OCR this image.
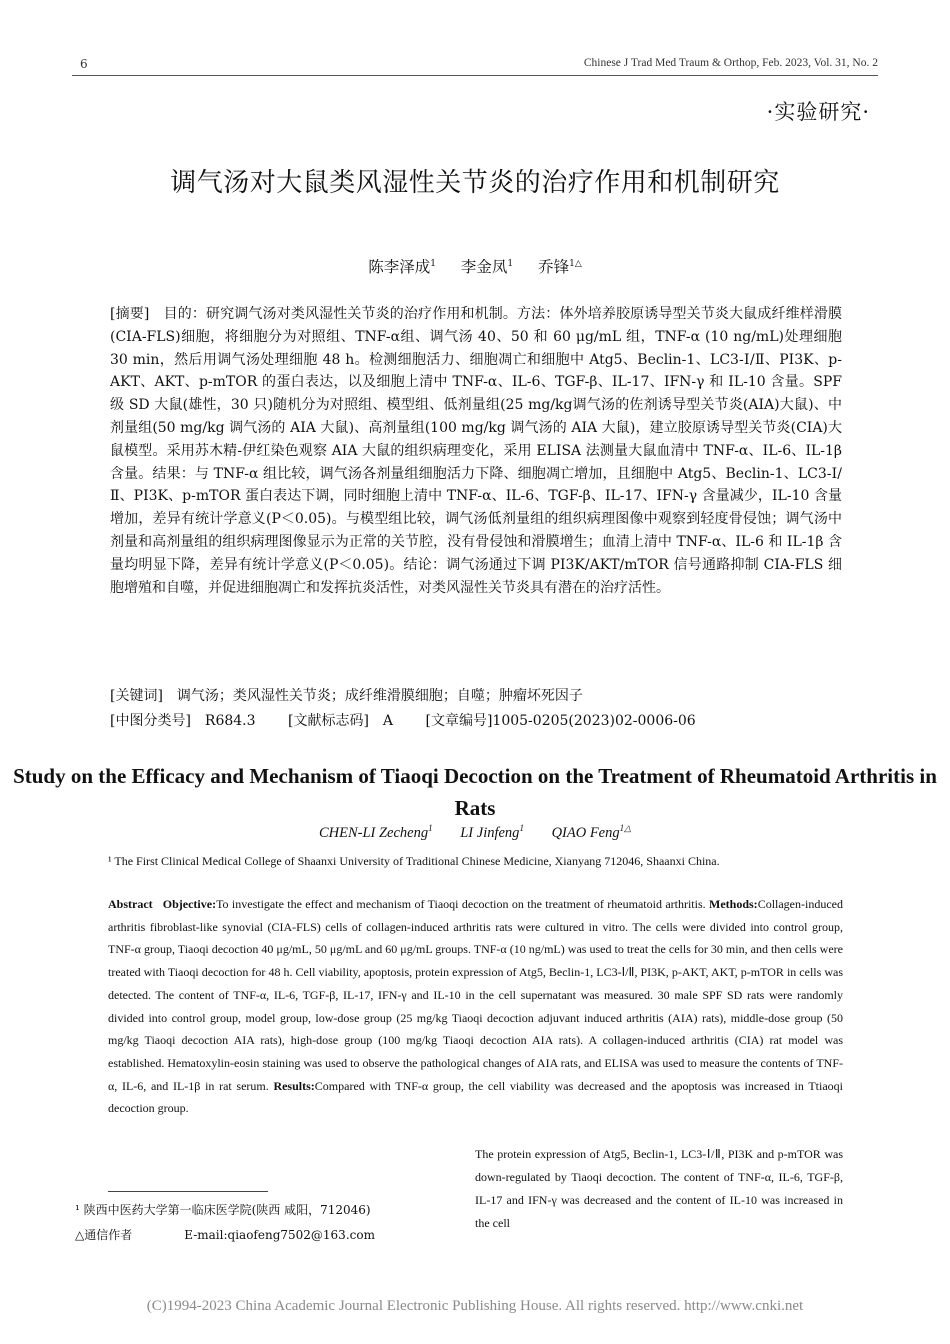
6	Chinese J Trad Med Traum & Orthop, Feb. 2023, Vol. 31, No. 2
·实验研究·
调气汤对大鼠类风湿性关节炎的治疗作用和机制研究
陈李泽成$^1$ 李金凤$^1$ 乔锋$^{1\triangle}$

[摘要]　目的：研究调气汤对类风湿性关节炎的治疗作用和机制。方法：体外培养胶原诱导型关节炎大鼠成纤维样滑膜(CIA-FLS)细胞，将细胞分为对照组、TNF-α组、调气汤 40、50 和 60 μg/mL 组，TNF-α (10 ng/mL)处理细胞 30 min，然后用调气汤处理细胞 48 h。检测细胞活力、细胞凋亡和细胞中 Atg5、Beclin-1、LC3-Ⅰ/Ⅱ、PI3K、p-AKT、AKT、p-mTOR 的蛋白表达，以及细胞上清中 TNF-α、IL-6、TGF-β、IL-17、IFN-γ 和 IL-10 含量。SPF 级 SD 大鼠(雄性，30 只)随机分为对照组、模型组、低剂量组(25 mg/kg调气汤的佐剂诱导型关节炎(AIA)大鼠)、中剂量组(50 mg/kg 调气汤的 AIA 大鼠)、高剂量组(100 mg/kg 调气汤的 AIA 大鼠)，建立胶原诱导型关节炎(CIA)大鼠模型。采用苏木精-伊红染色观察 AIA 大鼠的组织病理变化，采用 ELISA 法测量大鼠血清中 TNF-α、IL-6、IL-1β 含量。结果：与 TNF-α 组比较，调气汤各剂量组细胞活力下降、细胞凋亡增加，且细胞中 Atg5、Beclin-1、LC3-Ⅰ/Ⅱ、PI3K、p-mTOR 蛋白表达下调，同时细胞上清中 TNF-α、IL-6、TGF-β、IL-17、IFN-γ 含量减少，IL-10 含量增加，差异有统计学意义(P＜0.05)。与模型组比较，调气汤低剂量组的组织病理图像中观察到轻度骨侵蚀；调气汤中剂量和高剂量组的组织病理图像显示为正常的关节腔，没有骨侵蚀和滑膜增生；血清上清中 TNF-α、IL-6 和 IL-1β 含量均明显下降，差异有统计学意义(P＜0.05)。结论：调气汤通过下调 PI3K/AKT/mTOR 信号通路抑制 CIA-FLS 细胞增殖和自噬，并促进细胞凋亡和发挥抗炎活性，对类风湿性关节炎具有潜在的治疗活性。

[关键词]　调气汤；类风湿性关节炎；成纤维滑膜细胞；自噬；肿瘤坏死因子

[中图分类号]　R684.3 [文献标志码]　A [文章编号]1005-0205(2023)02-0006-06

Study on the Efficacy and Mechanism of Tiaoqi Decoction on the Treatment of Rheumatoid Arthritis in Rats
CHEN-LI Zecheng$^1$ LI Jinfeng$^1$ QIAO Feng$^{1\triangle}$

¹ The First Clinical Medical College of Shaanxi University of Traditional Chinese Medicine, Xianyang 712046, Shaanxi China.

Abstract Objective:To investigate the effect and mechanism of Tiaoqi decoction on the treatment of rheumatoid arthritis. Methods:Collagen-induced arthritis fibroblast-like synovial (CIA-FLS) cells of collagen-induced arthritis rats were cultured in vitro. The cells were divided into control group, TNF-α group, Tiaoqi decoction 40 μg/mL, 50 μg/mL and 60 μg/mL groups. TNF-α (10 ng/mL) was used to treat the cells for 30 min, and then cells were treated with Tiaoqi decoction for 48 h. Cell viability, apoptosis, protein expression of Atg5, Beclin-1, LC3-Ⅰ/Ⅱ, PI3K, p-AKT, AKT, p-mTOR in cells was detected. The content of TNF-α, IL-6, TGF-β, IL-17, IFN-γ and IL-10 in the cell supernatant was measured. 30 male SPF SD rats were randomly divided into control group, model group, low-dose group (25 mg/kg Tiaoqi decoction adjuvant induced arthritis (AIA) rats), middle-dose group (50 mg/kg Tiaoqi decoction AIA rats), high-dose group (100 mg/kg Tiaoqi decoction AIA rats). A collagen-induced arthritis (CIA) rat model was established. Hematoxylin-eosin staining was used to observe the pathological changes of AIA rats, and ELISA was used to measure the contents of TNF-α, IL-6, and IL-1β in rat serum. Results:Compared with TNF-α group, the cell viability was decreased and the apoptosis was increased in Ttiaoqi decoction group.

The protein expression of Atg5, Beclin-1, LC3-Ⅰ/Ⅱ, PI3K and p-mTOR was down-regulated by Tiaoqi decoction. The content of TNF-α, IL-6, TGF-β, IL-17 and IFN-γ was decreased and the content of IL-10 was increased in the cell

¹ 陕西中医药大学第一临床医学院(陕西 咸阳，712046)
△通信作者	E-mail:qiaofeng7502@163.com
(C)1994-2023 China Academic Journal Electronic Publishing House. All rights reserved. http://www.cnki.net
